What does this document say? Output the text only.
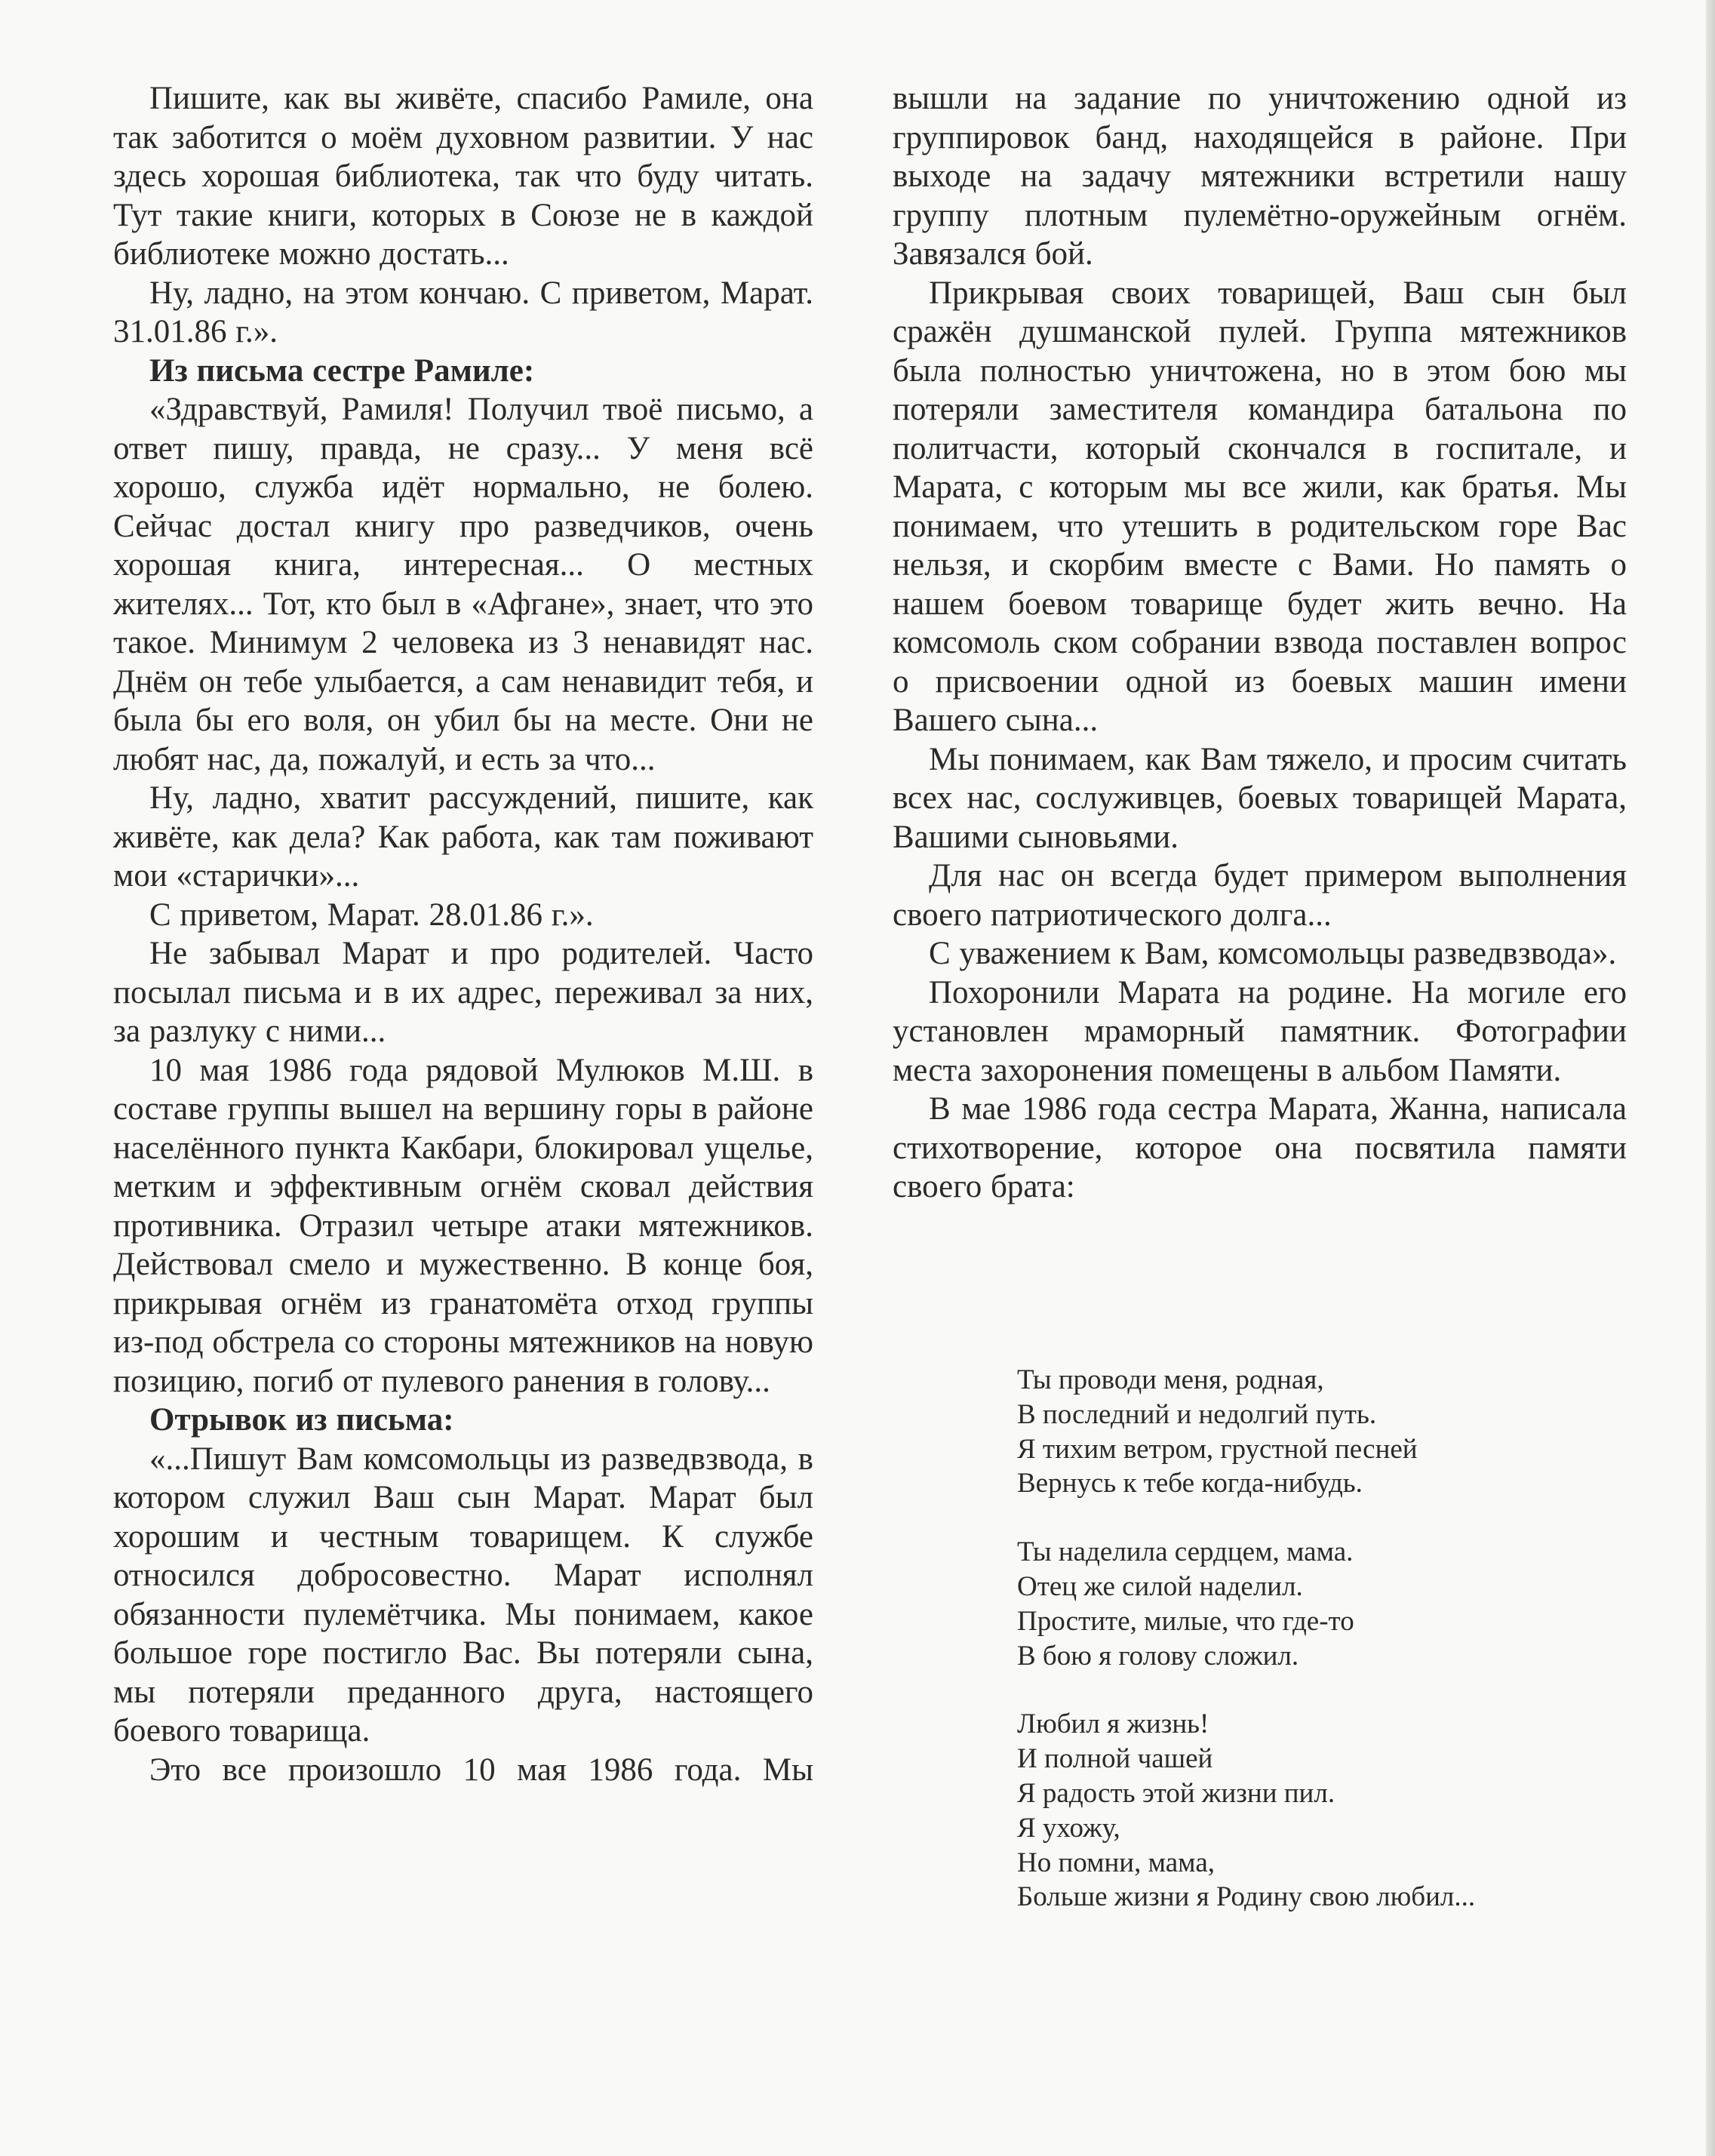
Пишите, как вы живёте, спасибо Рамиле, она так заботится о моём духовном развитии. У нас здесь хорошая библиотека, так что буду читать. Тут такие книги, которых в Союзе не в каждой библиотеке можно достать...

Ну, ладно, на этом кончаю. С приветом, Марат. 31.01.86 г.».

Из письма сестре Рамиле:

«Здравствуй, Рамиля! Получил твоё письмо, а ответ пишу, правда, не сразу... У меня всё хорошо, служба идёт нормально, не болею. Сейчас достал книгу про разведчиков, очень хорошая книга, интересная... О местных жителях... Тот, кто был в «Афгане», знает, что это такое. Минимум 2 человека из 3 ненавидят нас. Днём он тебе улыбается, а сам ненавидит тебя, и была бы его воля, он убил бы на месте. Они не любят нас, да, пожалуй, и есть за что...

Ну, ладно, хватит рассуждений, пишите, как живёте, как дела? Как работа, как там поживают мои «старички»...

С приветом, Марат. 28.01.86 г.».

Не забывал Марат и про родителей. Часто посылал письма и в их адрес, переживал за них, за разлуку с ними...

10 мая 1986 года рядовой Мулюков М.Ш. в составе группы вышел на вершину горы в районе населённого пункта Какбари, блокировал ущелье, метким и эффективным огнём сковал действия противника. Отразил четыре атаки мятежников. Действовал смело и мужественно. В конце боя, прикрывая огнём из гранатомёта отход группы из-под обстрела со стороны мятежников на новую позицию, погиб от пулевого ранения в голову...

Отрывок из письма:

«...Пишут Вам комсомольцы из разведвзвода, в котором служил Ваш сын Марат. Марат был хорошим и честным товарищем. К службе относился добросовестно. Марат исполнял обязанности пулемётчика. Мы понимаем, какое большое горе постигло Вас. Вы потеряли сына, мы потеряли преданного друга, настоящего боевого товарища.

Это все произошло 10 мая 1986 года. Мы

вышли на задание по уничтожению одной из группировок банд, находящейся в районе. При выходе на задачу мятежники встретили нашу группу плотным пулемётно-оружейным огнём. Завязался бой.

Прикрывая своих товарищей, Ваш сын был сражён душманской пулей. Группа мятежников была полностью уничтожена, но в этом бою мы потеряли заместителя командира батальона по политчасти, который скончался в госпитале, и Марата, с которым мы все жили, как братья. Мы понимаем, что утешить в родительском горе Вас нельзя, и скорбим вместе с Вами. Но память о нашем боевом товарище будет жить вечно. На комсомоль ском собрании взвода поставлен вопрос о присвоении одной из боевых машин имени Вашего сына...

Мы понимаем, как Вам тяжело, и просим считать всех нас, сослуживцев, боевых товарищей Марата, Вашими сыновьями.

Для нас он всегда будет примером выполнения своего патриотического долга...

С уважением к Вам, комсомольцы разведвзвода».

Похоронили Марата на родине. На могиле его установлен мраморный памятник. Фотографии места захоронения помещены в альбом Памяти.

В мае 1986 года сестра Марата, Жанна, написала стихотворение, которое она посвятила памяти своего брата:

Ты проводи меня, родная,
В последний и недолгий путь.
Я тихим ветром, грустной песней
Вернусь к тебе когда-нибудь.
Ты наделила сердцем, мама.
Отец же силой наделил.
Простите, милые, что где-то
В бою я голову сложил.
Любил я жизнь!
И полной чашей
Я радость этой жизни пил.
Я ухожу,
Но помни, мама,
Больше жизни я Родину свою любил...
